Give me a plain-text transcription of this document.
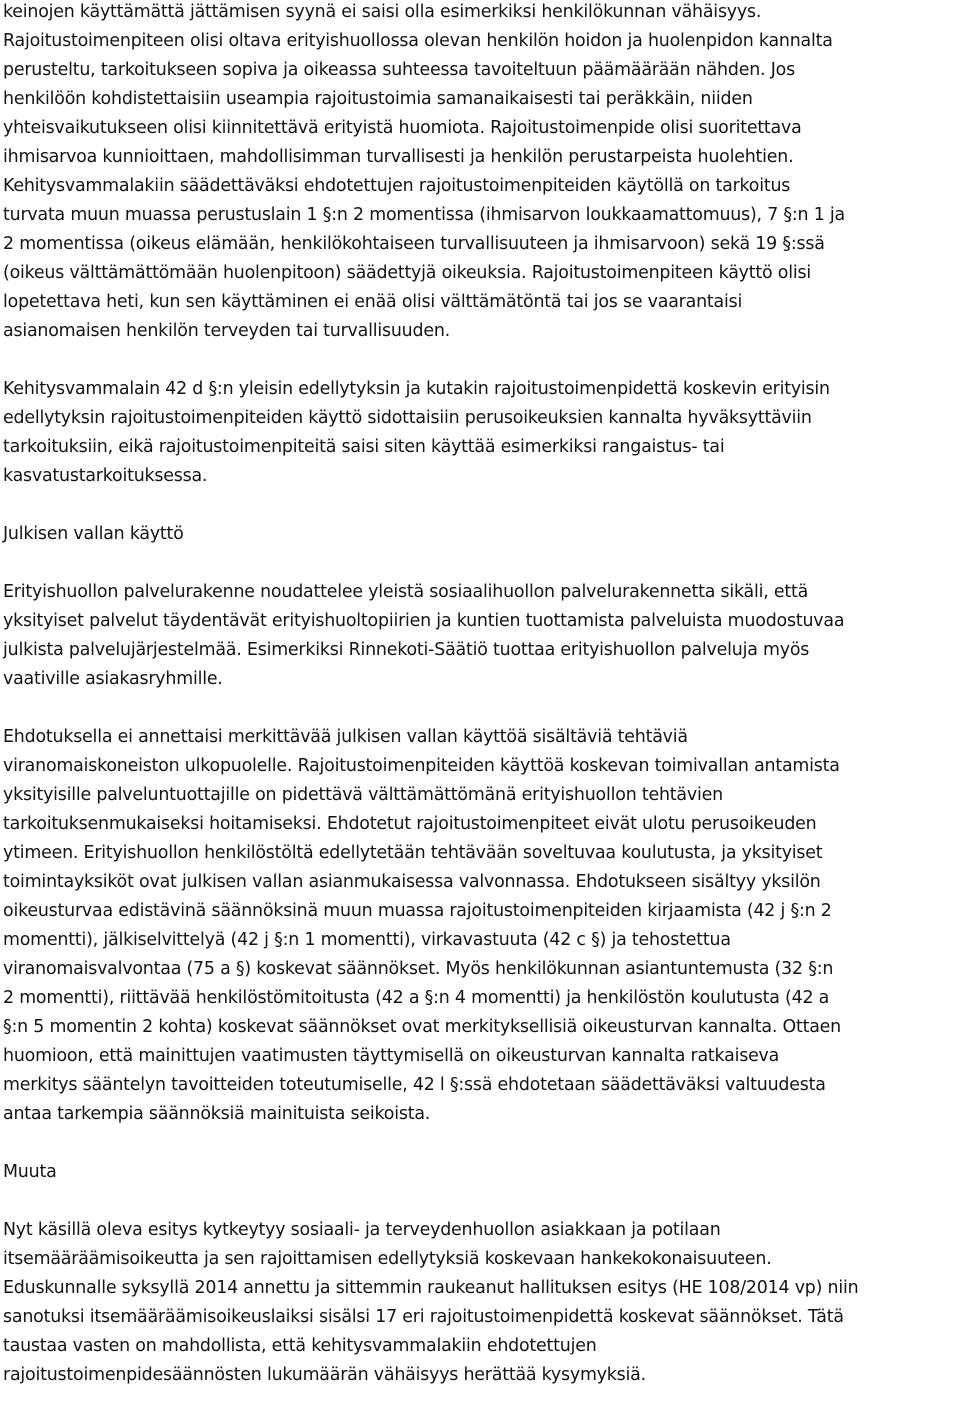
keinojen käyttämättä jättämisen syynä ei saisi olla esimerkiksi henkilökunnan vähäisyys.
Rajoitustoimenpiteen olisi oltava erityishuollossa olevan henkilön hoidon ja huolenpidon kannalta
perusteltu, tarkoitukseen sopiva ja oikeassa suhteessa tavoiteltuun päämäärään nähden. Jos
henkilöön kohdistettaisiin useampia rajoitustoimia samanaikaisesti tai peräkkäin, niiden
yhteisvaikutukseen olisi kiinnitettävä erityistä huomiota. Rajoitustoimenpide olisi suoritettava
ihmisarvoa kunnioittaen, mahdollisimman turvallisesti ja henkilön perustarpeista huolehtien.
Kehitysvammalakiin säädettäväksi ehdotettujen rajoitustoimenpiteiden käytöllä on tarkoitus
turvata muun muassa perustuslain 1 §:n 2 momentissa (ihmisarvon loukkaamattomuus), 7 §:n 1 ja
2 momentissa (oikeus elämään, henkilökohtaiseen turvallisuuteen ja ihmisarvoon) sekä 19 §:ssä
(oikeus välttämättömään huolenpitoon) säädettyjä oikeuksia. Rajoitustoimenpiteen käyttö olisi
lopetettava heti, kun sen käyttäminen ei enää olisi välttämätöntä tai jos se vaarantaisi
asianomaisen henkilön terveyden tai turvallisuuden.
Kehitysvammalain 42 d §:n yleisin edellytyksin ja kutakin rajoitustoimenpidettä koskevin erityisin
edellytyksin rajoitustoimenpiteiden käyttö sidottaisiin perusoikeuksien kannalta hyväksyttäviin
tarkoituksiin, eikä rajoitustoimenpiteitä saisi siten käyttää esimerkiksi rangaistus- tai
kasvatustarkoituksessa.
Julkisen vallan käyttö
Erityishuollon palvelurakenne noudattelee yleistä sosiaalihuollon palvelurakennetta sikäli, että
yksityiset palvelut täydentävät erityishuoltopiirien ja kuntien tuottamista palveluista muodostuvaa
julkista palvelujärjestelmää. Esimerkiksi Rinnekoti-Säätiö tuottaa erityishuollon palveluja myös
vaativille asiakasryhmille.
Ehdotuksella ei annettaisi merkittävää julkisen vallan käyttöä sisältäviä tehtäviä
viranomaiskoneiston ulkopuolelle. Rajoitustoimenpiteiden käyttöä koskevan toimivallan antamista
yksityisille palveluntuottajille on pidettävä välttämättömänä erityishuollon tehtävien
tarkoituksenmukaiseksi hoitamiseksi. Ehdotetut rajoitustoimenpiteet eivät ulotu perusoikeuden
ytimeen. Erityishuollon henkilöstöltä edellytetään tehtävään soveltuvaa koulutusta, ja yksityiset
toimintayksiköt ovat julkisen vallan asianmukaisessa valvonnassa. Ehdotukseen sisältyy yksilön
oikeusturvaa edistävinä säännöksinä muun muassa rajoitustoimenpiteiden kirjaamista (42 j §:n 2
momentti), jälkiselvittelyä (42 j §:n 1 momentti), virkavastuuta (42 c §) ja tehostettua
viranomaisvalvontaa (75 a §) koskevat säännökset. Myös henkilökunnan asiantuntemusta (32 §:n
2 momentti), riittävää henkilöstömitoitusta (42 a §:n 4 momentti) ja henkilöstön koulutusta (42 a
§:n 5 momentin 2 kohta) koskevat säännökset ovat merkityksellisiä oikeusturvan kannalta. Ottaen
huomioon, että mainittujen vaatimusten täyttymisellä on oikeusturvan kannalta ratkaiseva
merkitys sääntelyn tavoitteiden toteutumiselle, 42 l §:ssä ehdotetaan säädettäväksi valtuudesta
antaa tarkempia säännöksiä mainituista seikoista.
Muuta
Nyt käsillä oleva esitys kytkeytyy sosiaali- ja terveydenhuollon asiakkaan ja potilaan
itsemääräämisoikeutta ja sen rajoittamisen edellytyksiä koskevaan hankekokonaisuuteen.
Eduskunnalle syksyllä 2014 annettu ja sittemmin raukeanut hallituksen esitys (HE 108/2014 vp) niin
sanotuksi itsemääräämisoikeuslaiksi sisälsi 17 eri rajoitustoimenpidettä koskevat säännökset. Tätä
taustaa vasten on mahdollista, että kehitysvammalakiin ehdotettujen
rajoitustoimenpidesäännösten lukumäärän vähäisyys herättää kysymyksiä.
